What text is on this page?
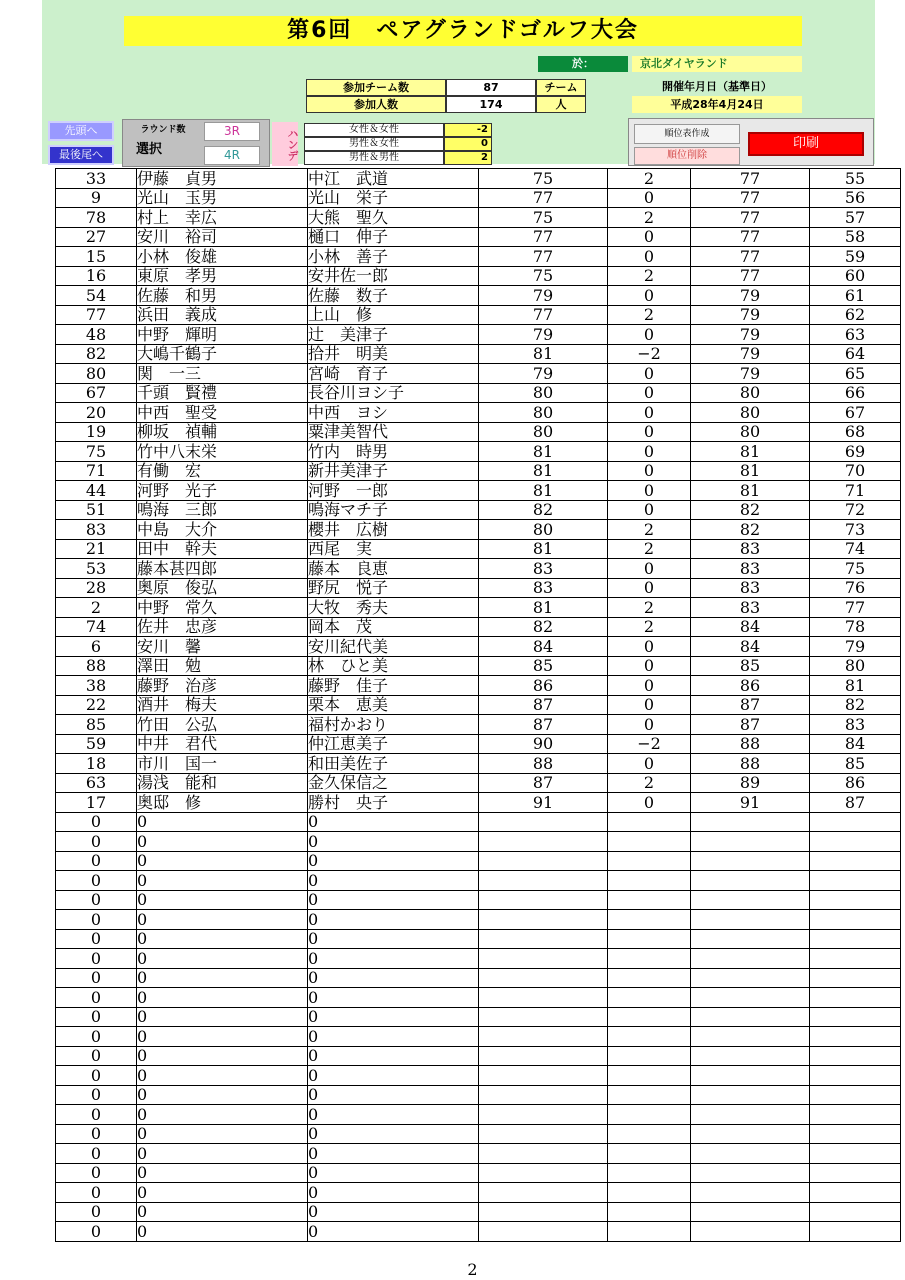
第6回　ペアグランドゴルフ大会
於：	京北ダイヤランド
参加チーム数	87	チーム
参加人数	174	人
開催年月日（基準日）
平成28年4月24日
先頭へ
最後尾へ
ラウンド数
選択
3R
4R	ハンデ	女性＆女性	-2
男性＆女性	0
男性＆男性	2
順位表作成
順位削除
印刷
33	伊藤　貞男	中江　武道	75	2	77	55
9	光山　玉男	光山　栄子	77	0	77	56
78	村上　幸広	大熊　聖久	75	2	77	57
27	安川　裕司	樋口　伸子	77	0	77	58
15	小林　俊雄	小林　善子	77	0	77	59
16	東原　孝男	安井佐一郎	75	2	77	60
54	佐藤　和男	佐藤　数子	79	0	79	61
77	浜田　義成	上山　修	77	2	79	62
48	中野　輝明	辻　美津子	79	0	79	63
82	大嶋千鶴子	拾井　明美	81	−2	79	64
80	関　一三	宮崎　育子	79	0	79	65
67	千頭　賢禮	長谷川ヨシ子	80	0	80	66
20	中西　聖受	中西　ヨシ	80	0	80	67
19	柳坂　禎輔	粟津美智代	80	0	80	68
75	竹中八末栄	竹内　時男	81	0	81	69
71	有働　宏	新井美津子	81	0	81	70
44	河野　光子	河野　一郎	81	0	81	71
51	鳴海　三郎	鳴海マチ子	82	0	82	72
83	中島　大介	櫻井　広樹	80	2	82	73
21	田中　幹夫	西尾　実	81	2	83	74
53	藤本甚四郎	藤本　良恵	83	0	83	75
28	奥原　俊弘	野尻　悦子	83	0	83	76
2	中野　常久	大牧　秀夫	81	2	83	77
74	佐井　忠彦	岡本　茂	82	2	84	78
6	安川　馨	安川紀代美	84	0	84	79
88	澤田　勉	林　ひと美	85	0	85	80
38	藤野　治彦	藤野　佳子	86	0	86	81
22	酒井　梅夫	栗本　恵美	87	0	87	82
85	竹田　公弘	福村かおり	87	0	87	83
59	中井　君代	仲江恵美子	90	−2	88	84
18	市川　国一	和田美佐子	88	0	88	85
63	湯浅　能和	金久保信之	87	2	89	86
17	奥邸　修	勝村　央子	91	0	91	87
0	0	0				
0	0	0				
0	0	0				
0	0	0				
0	0	0				
0	0	0				
0	0	0				
0	0	0				
0	0	0				
0	0	0				
0	0	0				
0	0	0				
0	0	0				
0	0	0				
0	0	0				
0	0	0				
0	0	0				
0	0	0				
0	0	0				
0	0	0				
0	0	0				
0	0	0				
2
